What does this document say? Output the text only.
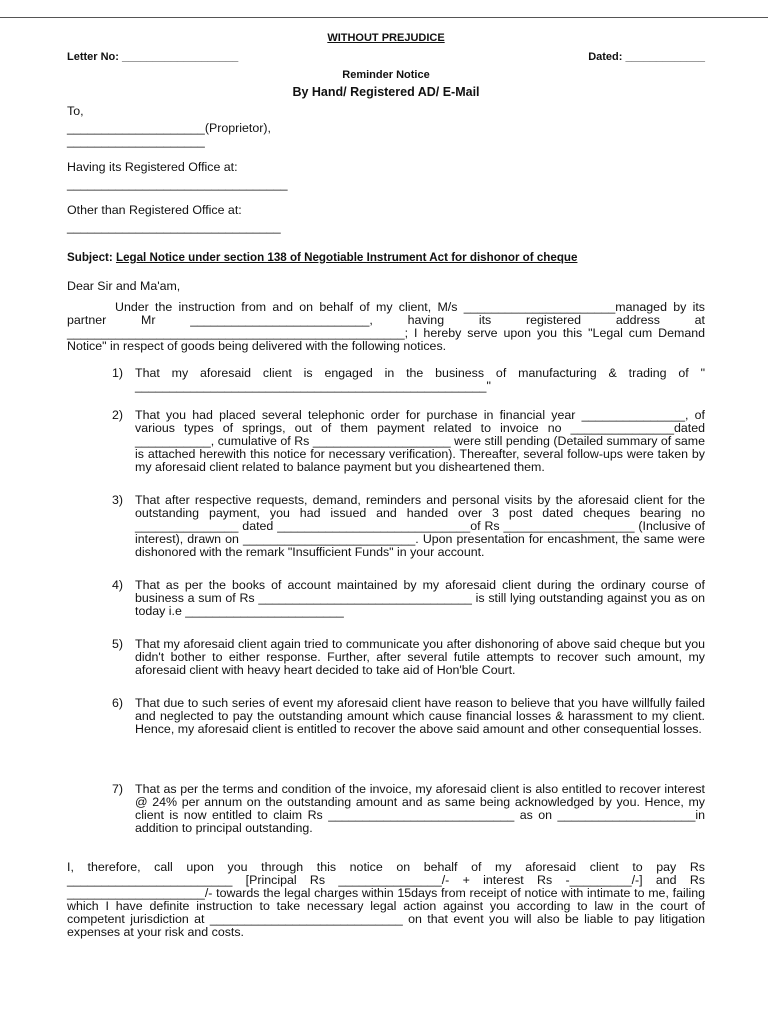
WITHOUT PREJUDICE
Letter No: ___________________	Dated: _____________
Reminder Notice
By Hand/ Registered AD/ E-Mail

To,

____________________(Proprietor),

____________________

Having its Registered Office at:

________________________________

Other than Registered Office at:

_______________________________

Subject: Legal Notice under section 138 of Negotiable Instrument Act for dishonor of cheque
Dear Sir and Ma'am,
Under the instruction from and on behalf of my client, M/s ______________________managed by its partner Mr __________________________, having its registered address at _________________________________________________; I hereby serve upon you this "Legal cum Demand Notice" in respect of goods being delivered with the following notices.
1) That my aforesaid client is engaged in the business of manufacturing & trading of " ___________________________________________________"
2) That you had placed several telephonic order for purchase in financial year _______________, of various types of springs, out of them payment related to invoice no _______________dated ___________, cumulative of Rs ____________________ were still pending (Detailed summary of same is attached herewith this notice for necessary verification). Thereafter, several follow-ups were taken by my aforesaid client related to balance payment but you disheartened them.
3) That after respective requests, demand, reminders and personal visits by the aforesaid client for the outstanding payment, you had issued and handed over 3 post dated cheques bearing no _______________ dated ____________________________of Rs ___________________ (Inclusive of interest), drawn on _________________________. Upon presentation for encashment, the same were dishonored with the remark "Insufficient Funds" in your account.
4) That as per the books of account maintained by my aforesaid client during the ordinary course of business a sum of Rs _______________________________ is still lying outstanding against you as on today i.e _______________________
5) That my aforesaid client again tried to communicate you after dishonoring of above said cheque but you didn't bother to either response. Further, after several futile attempts to recover such amount, my aforesaid client with heavy heart decided to take aid of Hon'ble Court.
6) That due to such series of event my aforesaid client have reason to believe that you have willfully failed and neglected to pay the outstanding amount which cause financial losses & harassment to my client. Hence, my aforesaid client is entitled to recover the above said amount and other consequential losses.
7) That as per the terms and condition of the invoice, my aforesaid client is also entitled to recover interest @ 24% per annum on the outstanding amount and as same being acknowledged by you. Hence, my client is now entitled to claim Rs ___________________________ as on ____________________in addition to principal outstanding.
I, therefore, call upon you through this notice on behalf of my aforesaid client to pay Rs ________________________ [Principal Rs _______________/- + interest Rs -_________/-] and Rs ____________________/- towards the legal charges within 15days from receipt of notice with intimate to me, failing which I have definite instruction to take necessary legal action against you according to law in the court of competent jurisdiction at ____________________________ on that event you will also be liable to pay litigation expenses at your risk and costs.
